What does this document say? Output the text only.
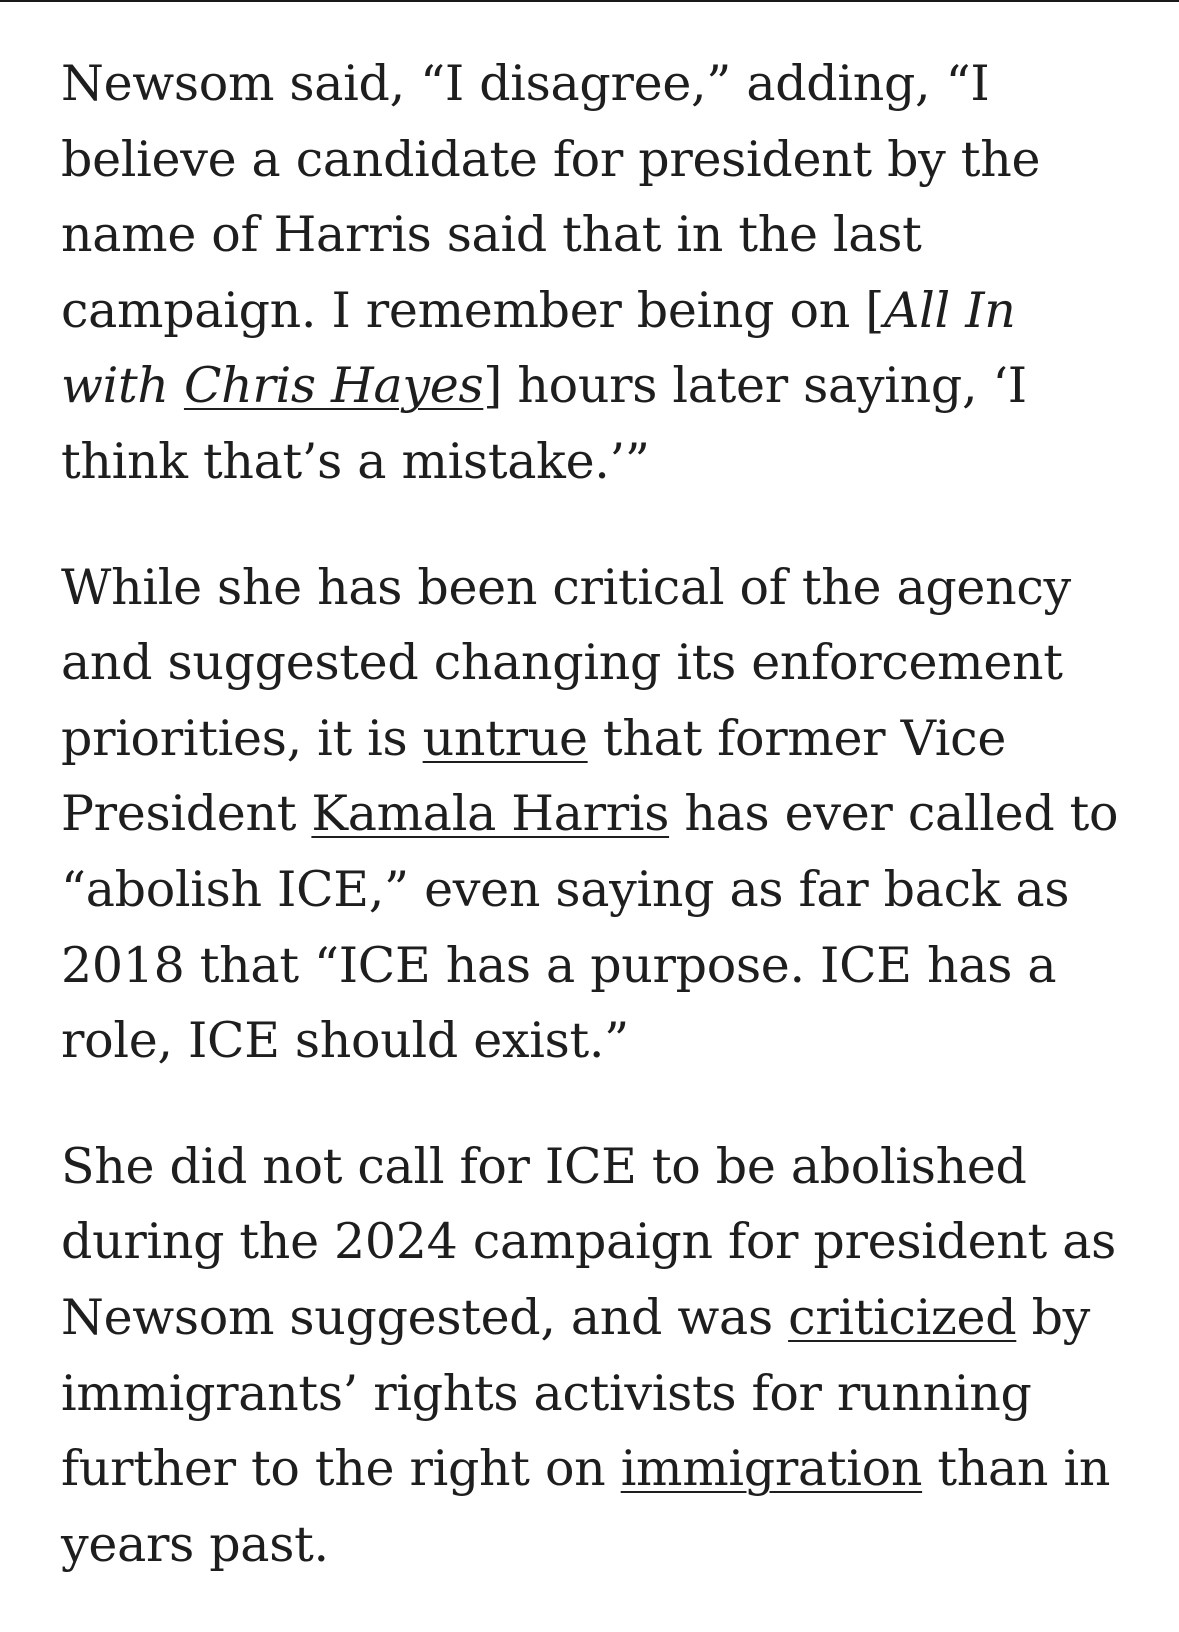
Newsom said, “I disagree,” adding, “I believe a candidate for president by the name of Harris said that in the last campaign. I remember being on [All In with Chris Hayes] hours later saying, ‘I think that’s a mistake.’”

While she has been critical of the agency and suggested changing its enforcement priorities, it is untrue that former Vice President Kamala Harris has ever called to “abolish ICE,” even saying as far back as 2018 that “ICE has a purpose. ICE has a role, ICE should exist.”

She did not call for ICE to be abolished during the 2024 campaign for president as Newsom suggested, and was criticized by immigrants’ rights activists for running further to the right on immigration than in years past.
